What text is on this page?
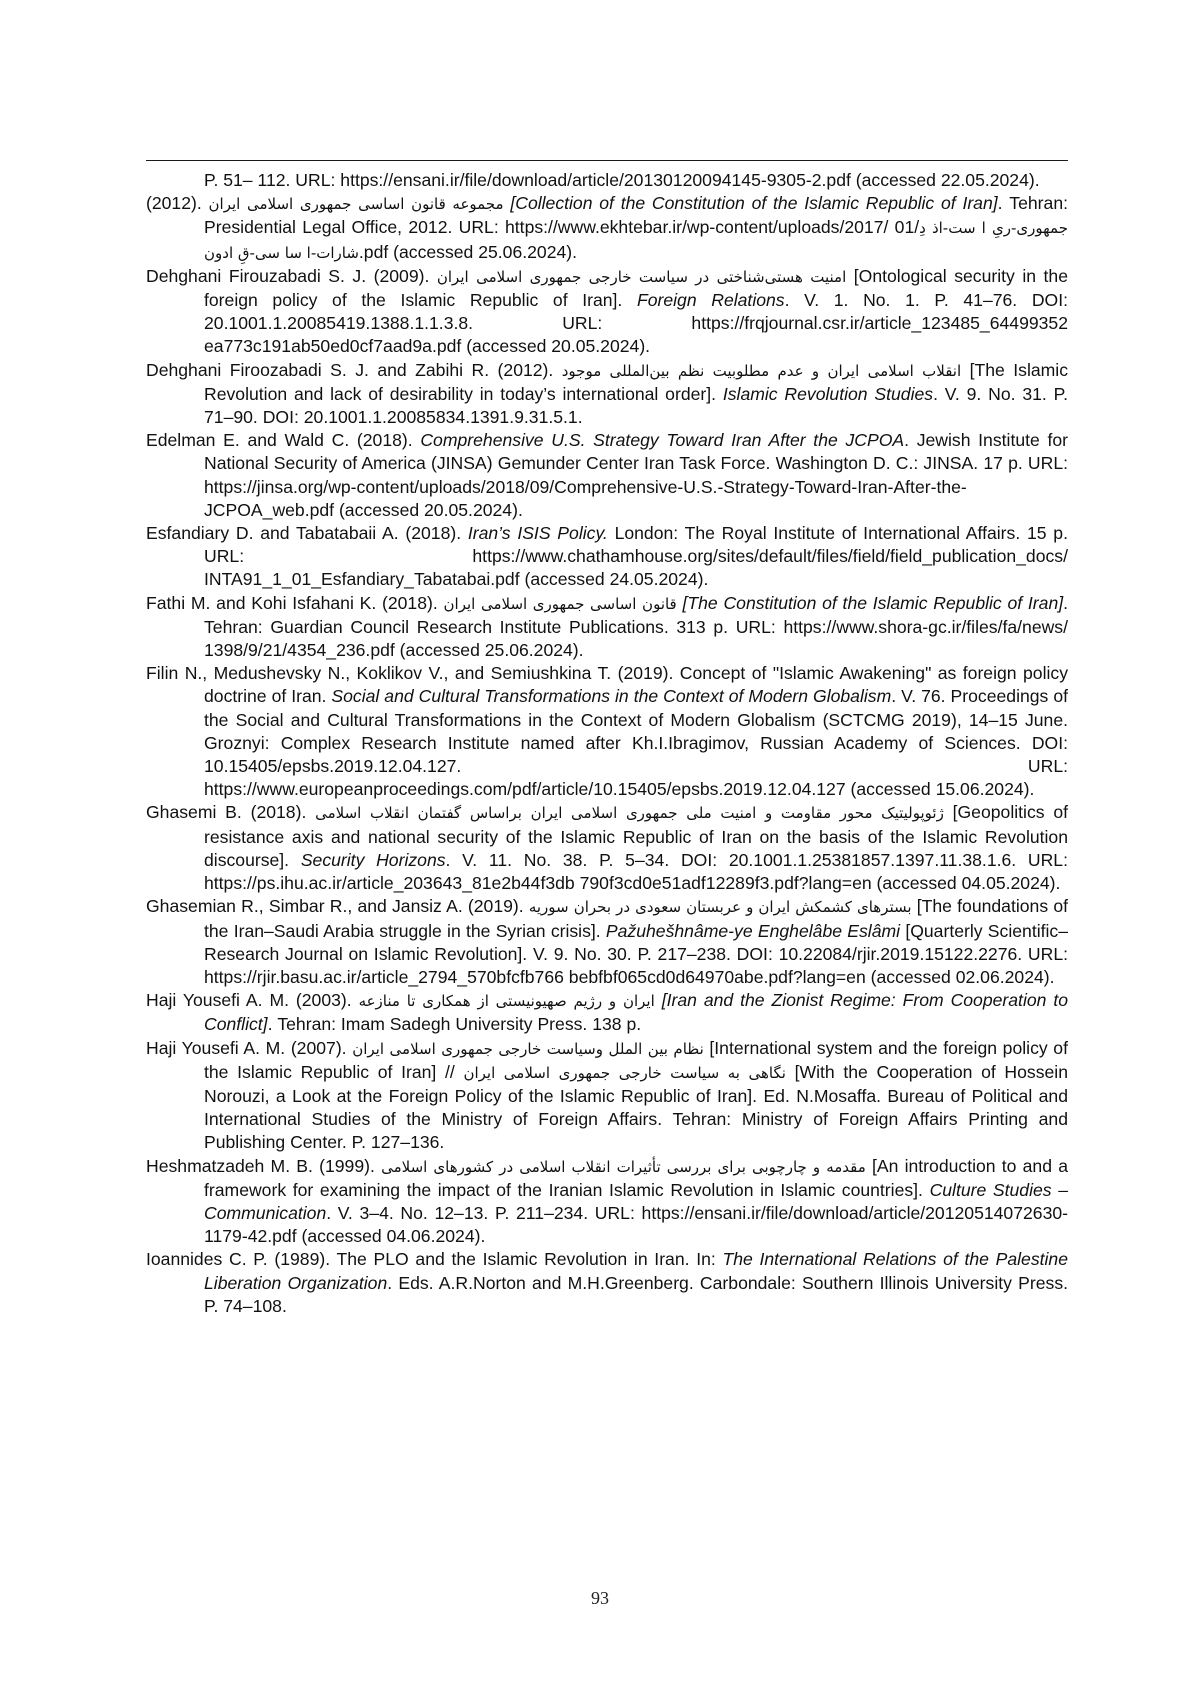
P. 51– 112. URL: https://ensani.ir/file/download/article/20130120094145-9305-2.pdf (accessed 22.05.2024).
(2012). مجموعه قانون اساسی جمهوری اسلامی ایران [Collection of the Constitution of the Islamic Republic of Iran]. Tehran: Presidential Legal Office, 2012. URL: https://www.ekhtebar.ir/wp-content/uploads/2017/ 01/جمهوری-ریِ ا ست-اذ دِ شارات-ا سا سی-قِ ادون.pdf (accessed 25.06.2024).
Dehghani Firouzabadi S. J. (2009). امنیت هستی‌شناختی در سیاست خارجی جمهوری اسلامی ایران [Ontological security in the foreign policy of the Islamic Republic of Iran]. Foreign Relations. V. 1. No. 1. P. 41–76. DOI: 20.1001.1.20085419.1388.1.1.3.8. URL: https://frqjournal.csr.ir/article_123485_64499352 ea773c191ab50ed0cf7aad9a.pdf (accessed 20.05.2024).
Dehghani Firoozabadi S. J. and Zabihi R. (2012). انقلاب اسلامی ایران و عدم مطلوبیت نظم بین‌المللی موجود [The Islamic Revolution and lack of desirability in today’s international order]. Islamic Revolution Studies. V. 9. No. 31. P. 71–90. DOI: 20.1001.1.20085834.1391.9.31.5.1.
Edelman E. and Wald C. (2018). Comprehensive U.S. Strategy Toward Iran After the JCPOA. Jewish Institute for National Security of America (JINSA) Gemunder Center Iran Task Force. Washington D. C.: JINSA. 17 p. URL: https://jinsa.org/wp-content/uploads/2018/09/Comprehensive-U.S.-Strategy-Toward-Iran-After-the-JCPOA_web.pdf (accessed 20.05.2024).
Esfandiary D. and Tabatabaii A. (2018). Iran’s ISIS Policy. London: The Royal Institute of International Affairs. 15 p. URL: https://www.chathamhouse.org/sites/default/files/field/field_publication_docs/ INTA91_1_01_Esfandiary_Tabatabai.pdf (accessed 24.05.2024).
Fathi M. and Kohi Isfahani K. (2018). قانون اساسی جمهوری اسلامی ایران [The Constitution of the Islamic Republic of Iran]. Tehran: Guardian Council Research Institute Publications. 313 p. URL: https://www.shora-gc.ir/files/fa/news/ 1398/9/21/4354_236.pdf (accessed 25.06.2024).
Filin N., Medushevsky N., Koklikov V., and Semiushkina T. (2019). Concept of "Islamic Awakening" as foreign policy doctrine of Iran. Social and Cultural Transformations in the Context of Modern Globalism. V. 76. Proceedings of the Social and Cultural Transformations in the Context of Modern Globalism (SCTCMG 2019), 14–15 June. Groznyi: Complex Research Institute named after Kh.I.Ibragimov, Russian Academy of Sciences. DOI: 10.15405/epsbs.2019.12.04.127. URL: https://www.europeanproceedings.com/pdf/article/10.15405/epsbs.2019.12.04.127 (accessed 15.06.2024).
Ghasemi B. (2018). ژئوپولیتیک محور مقاومت و امنیت ملی جمهوری اسلامی ایران براساس گفتمان انقلاب اسلامی [Geopolitics of resistance axis and national security of the Islamic Republic of Iran on the basis of the Islamic Revolution discourse]. Security Horizons. V. 11. No. 38. P. 5–34. DOI: 20.1001.1.25381857.1397.11.38.1.6. URL: https://ps.ihu.ac.ir/article_203643_81e2b44f3db 790f3cd0e51adf12289f3.pdf?lang=en (accessed 04.05.2024).
Ghasemian R., Simbar R., and Jansiz A. (2019). بسترهای کشمکش ایران و عربستان سعودی در بحران سوریه [The foundations of the Iran–Saudi Arabia struggle in the Syrian crisis]. Pažuhešhnâme-ye Enghelâbe Eslâmi [Quarterly Scientific–Research Journal on Islamic Revolution]. V. 9. No. 30. P. 217–238. DOI: 10.22084/rjir.2019.15122.2276. URL: https://rjir.basu.ac.ir/article_2794_570bfcfb766 bebfbf065cd0d64970abe.pdf?lang=en (accessed 02.06.2024).
Haji Yousefi A. M. (2003). ایران و رژیم صهیونیستی از همکاری تا منازعه [Iran and the Zionist Regime: From Cooperation to Conflict]. Tehran: Imam Sadegh University Press. 138 p.
Haji Yousefi A. M. (2007). نظام بین الملل وسیاست خارجی جمهوری اسلامی ایران [International system and the foreign policy of the Islamic Republic of Iran] // نگاهی به سیاست خارجی جمهوری اسلامی ایران [With the Cooperation of Hossein Norouzi, a Look at the Foreign Policy of the Islamic Republic of Iran]. Ed. N.Mosaffa. Bureau of Political and International Studies of the Ministry of Foreign Affairs. Tehran: Ministry of Foreign Affairs Printing and Publishing Center. P. 127–136.
Heshmatzadeh M. B. (1999). مقدمه و چارچوبی برای بررسی تأثیرات انقلاب اسلامی در کشورهای اسلامی [An introduction to and a framework for examining the impact of the Iranian Islamic Revolution in Islamic countries]. Culture Studies – Communication. V. 3–4. No. 12–13. P. 211–234. URL: https://ensani.ir/file/download/article/20120514072630-1179-42.pdf (accessed 04.06.2024).
Ioannides C. P. (1989). The PLO and the Islamic Revolution in Iran. In: The International Relations of the Palestine Liberation Organization. Eds. A.R.Norton and M.H.Greenberg. Carbondale: Southern Illinois University Press. P. 74–108.
93
